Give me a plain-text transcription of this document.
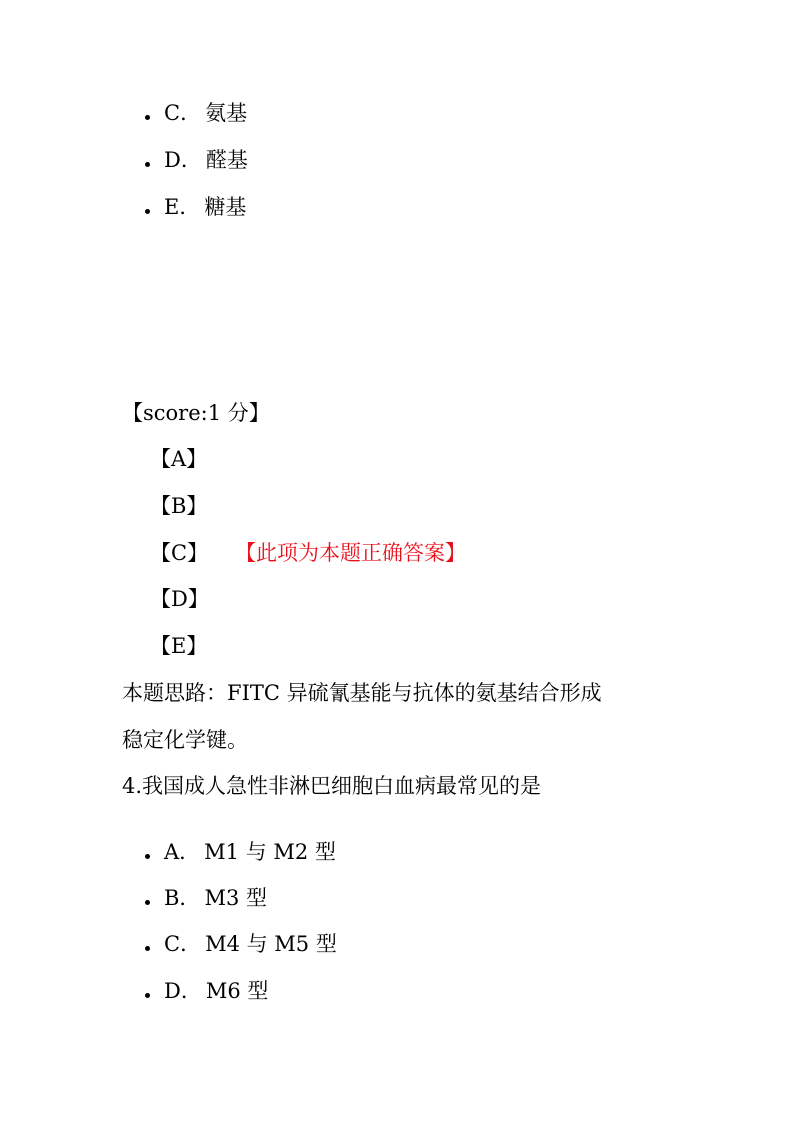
C． 氨基
D． 醛基
E． 糖基
【score:1 分】
【A】
【B】
【C】 【此项为本题正确答案】
【D】
【E】
本题思路：FITC 异硫氰基能与抗体的氨基结合形成
稳定化学键。
4.我国成人急性非淋巴细胞白血病最常见的是
A． M1 与 M2 型
B． M3 型
C． M4 与 M5 型
D． M6 型
